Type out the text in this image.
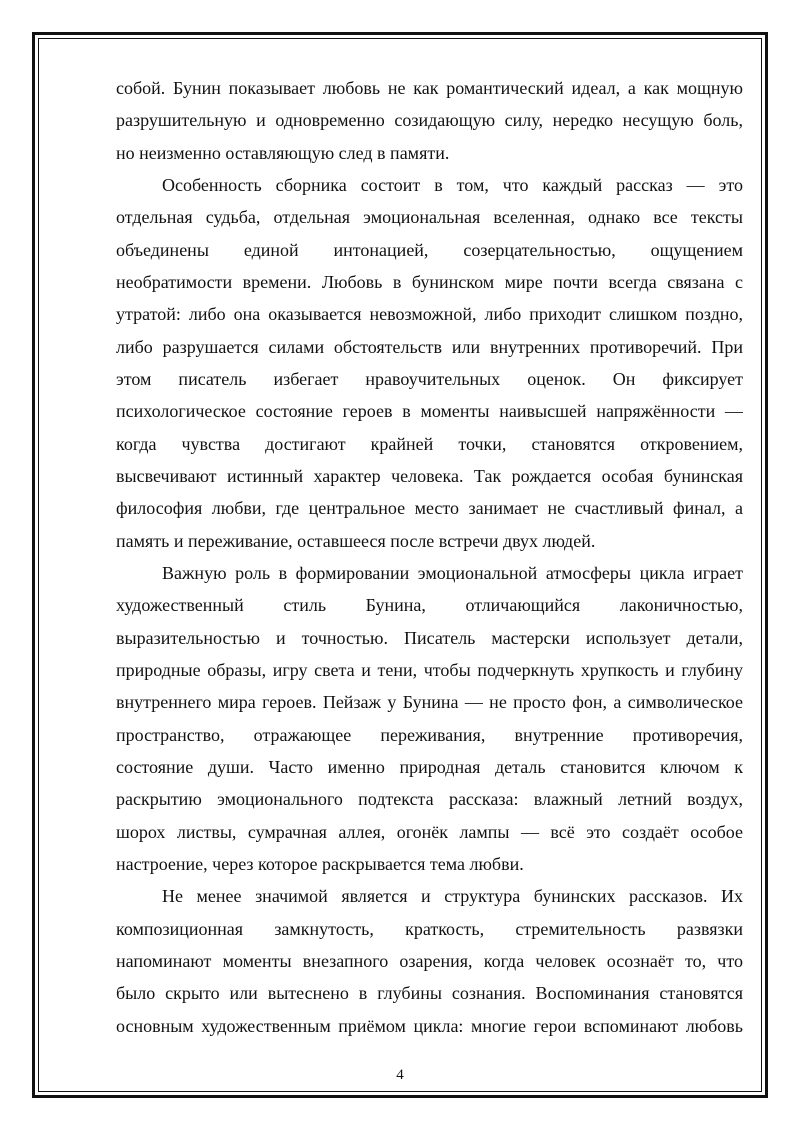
собой. Бунин показывает любовь не как романтический идеал, а как мощную
разрушительную и одновременно созидающую силу, нередко несущую боль,
но неизменно оставляющую след в памяти.
Особенность сборника состоит в том, что каждый рассказ — это
отдельная судьба, отдельная эмоциональная вселенная, однако все тексты
объединены единой интонацией, созерцательностью, ощущением
необратимости времени. Любовь в бунинском мире почти всегда связана с
утратой: либо она оказывается невозможной, либо приходит слишком поздно,
либо разрушается силами обстоятельств или внутренних противоречий. При
этом писатель избегает нравоучительных оценок. Он фиксирует
психологическое состояние героев в моменты наивысшей напряжённости —
когда чувства достигают крайней точки, становятся откровением,
высвечивают истинный характер человека. Так рождается особая бунинская
философия любви, где центральное место занимает не счастливый финал, а
память и переживание, оставшееся после встречи двух людей.
Важную роль в формировании эмоциональной атмосферы цикла играет
художественный стиль Бунина, отличающийся лаконичностью,
выразительностью и точностью. Писатель мастерски использует детали,
природные образы, игру света и тени, чтобы подчеркнуть хрупкость и глубину
внутреннего мира героев. Пейзаж у Бунина — не просто фон, а символическое
пространство, отражающее переживания, внутренние противоречия,
состояние души. Часто именно природная деталь становится ключом к
раскрытию эмоционального подтекста рассказа: влажный летний воздух,
шорох листвы, сумрачная аллея, огонёк лампы — всё это создаёт особое
настроение, через которое раскрывается тема любви.
Не менее значимой является и структура бунинских рассказов. Их
композиционная замкнутость, краткость, стремительность развязки
напоминают моменты внезапного озарения, когда человек осознаёт то, что
было скрыто или вытеснено в глубины сознания. Воспоминания становятся
основным художественным приёмом цикла: многие герои вспоминают любовь
4
